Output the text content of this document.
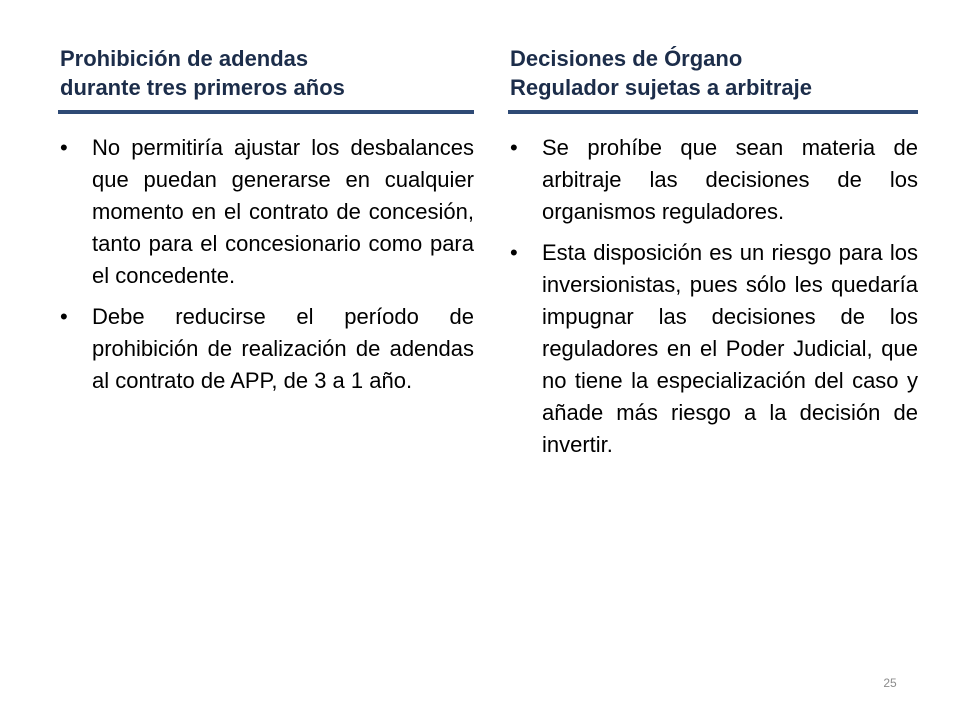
Prohibición de adendas
durante tres primeros años
• No permitiría ajustar los desbalances que puedan generarse en cualquier momento en el contrato de concesión, tanto para el concesionario como para el concedente.
• Debe reducirse el período de prohibición de realización de adendas al contrato de APP, de 3 a 1 año.
Decisiones de Órgano
Regulador sujetas a arbitraje
• Se prohíbe que sean materia de arbitraje las decisiones de los organismos reguladores.
• Esta disposición es un riesgo para los inversionistas, pues sólo les quedaría impugnar las decisiones de los reguladores en el Poder Judicial, que no tiene la especialización del caso y añade más riesgo a la decisión de invertir.
25
